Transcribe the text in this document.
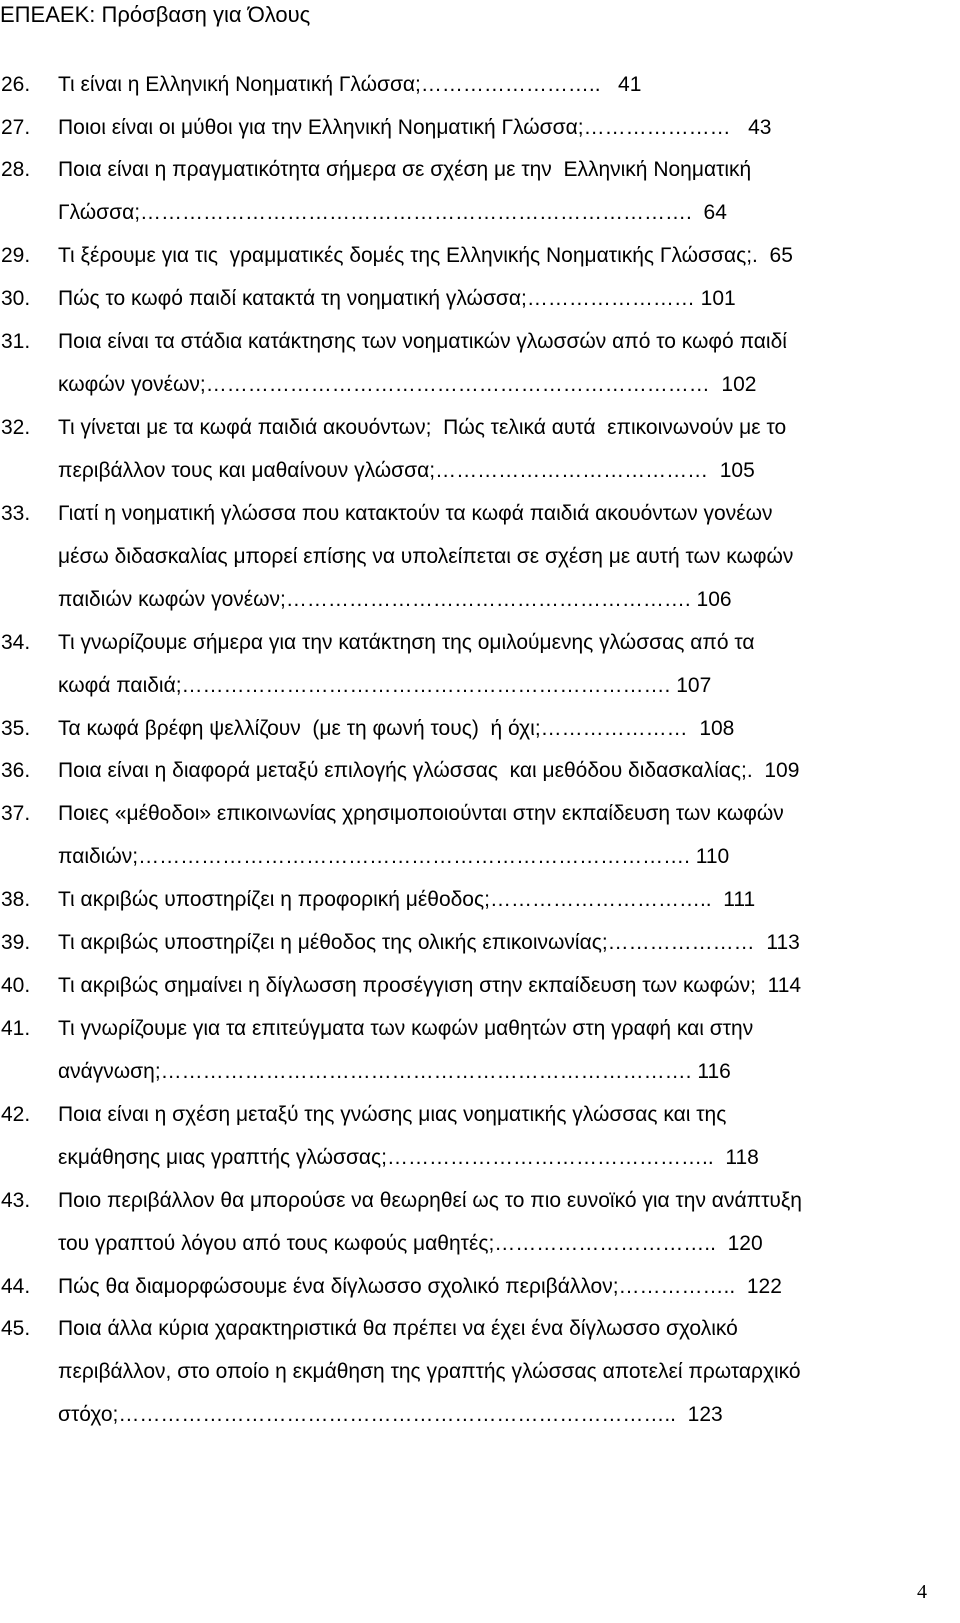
ΕΠΕΑΕΚ: Πρόσβαση για Όλους
26. Τι είναι η Ελληνική Νοηματική Γλώσσα;……………………..   41
27. Ποιοι είναι οι μύθοι για την Ελληνική Νοηματική Γλώσσα;…………………   43
28. Ποια είναι η πραγματικότητα σήμερα σε σχέση με την  Ελληνική Νοηματική
Γλώσσα;…………………………………………………………………….  64
29. Τι ξέρουμε για τις  γραμματικές δομές της Ελληνικής Νοηματικής Γλώσσας;.  65
30. Πώς το κωφό παιδί κατακτά τη νοηματική γλώσσα;…………………… 101
31. Ποια είναι τα στάδια κατάκτησης των νοηματικών γλωσσών από το κωφό παιδί
κωφών γονέων;………………………………………………………………  102
32. Τι γίνεται με τα κωφά παιδιά ακουόντων;  Πώς τελικά αυτά  επικοινωνούν με το
περιβάλλον τους και μαθαίνουν γλώσσα;…………………………………  105
33. Γιατί η νοηματική γλώσσα που κατακτούν τα κωφά παιδιά ακουόντων γονέων
μέσω διδασκαλίας μπορεί επίσης να υπολείπεται σε σχέση με αυτή των κωφών
παιδιών κωφών γονέων;…………………………………………………. 106
34. Τι γνωρίζουμε σήμερα για την κατάκτηση της ομιλούμενης γλώσσας από τα
κωφά παιδιά;……………………………………………………………. 107
35. Τα κωφά βρέφη ψελλίζουν  (με τη φωνή τους)  ή όχι;…………………  108
36. Ποια είναι η διαφορά μεταξύ επιλογής γλώσσας  και μεθόδου διδασκαλίας;.  109
37. Ποιες «μέθοδοι» επικοινωνίας χρησιμοποιούνται στην εκπαίδευση των κωφών
παιδιών;……………………………………………………………………. 110
38. Τι ακριβώς υποστηρίζει η προφορική μέθοδος;…………………………..  111
39. Τι ακριβώς υποστηρίζει η μέθοδος της ολικής επικοινωνίας;…………………  113
40. Τι ακριβώς σημαίνει η δίγλωσση προσέγγιση στην εκπαίδευση των κωφών;  114
41. Τι γνωρίζουμε για τα επιτεύγματα των κωφών μαθητών στη γραφή και στην
ανάγνωση;…………………………………………………………………. 116
42. Ποια είναι η σχέση μεταξύ της γνώσης μιας νοηματικής γλώσσας και της
εκμάθησης μιας γραπτής γλώσσας;………………………………………..  118
43. Ποιο περιβάλλον θα μπορούσε να θεωρηθεί ως το πιο ευνοϊκό για την ανάπτυξη
του γραπτού λόγου από τους κωφούς μαθητές;…………………………..  120
44. Πώς θα διαμορφώσουμε ένα δίγλωσσο σχολικό περιβάλλον;……………..  122
45. Ποια άλλα κύρια χαρακτηριστικά θα πρέπει να έχει ένα δίγλωσσο σχολικό
περιβάλλον, στο οποίο η εκμάθηση της γραπτής γλώσσας αποτελεί πρωταρχικό
στόχο;……………………………………………………………………..  123
4
